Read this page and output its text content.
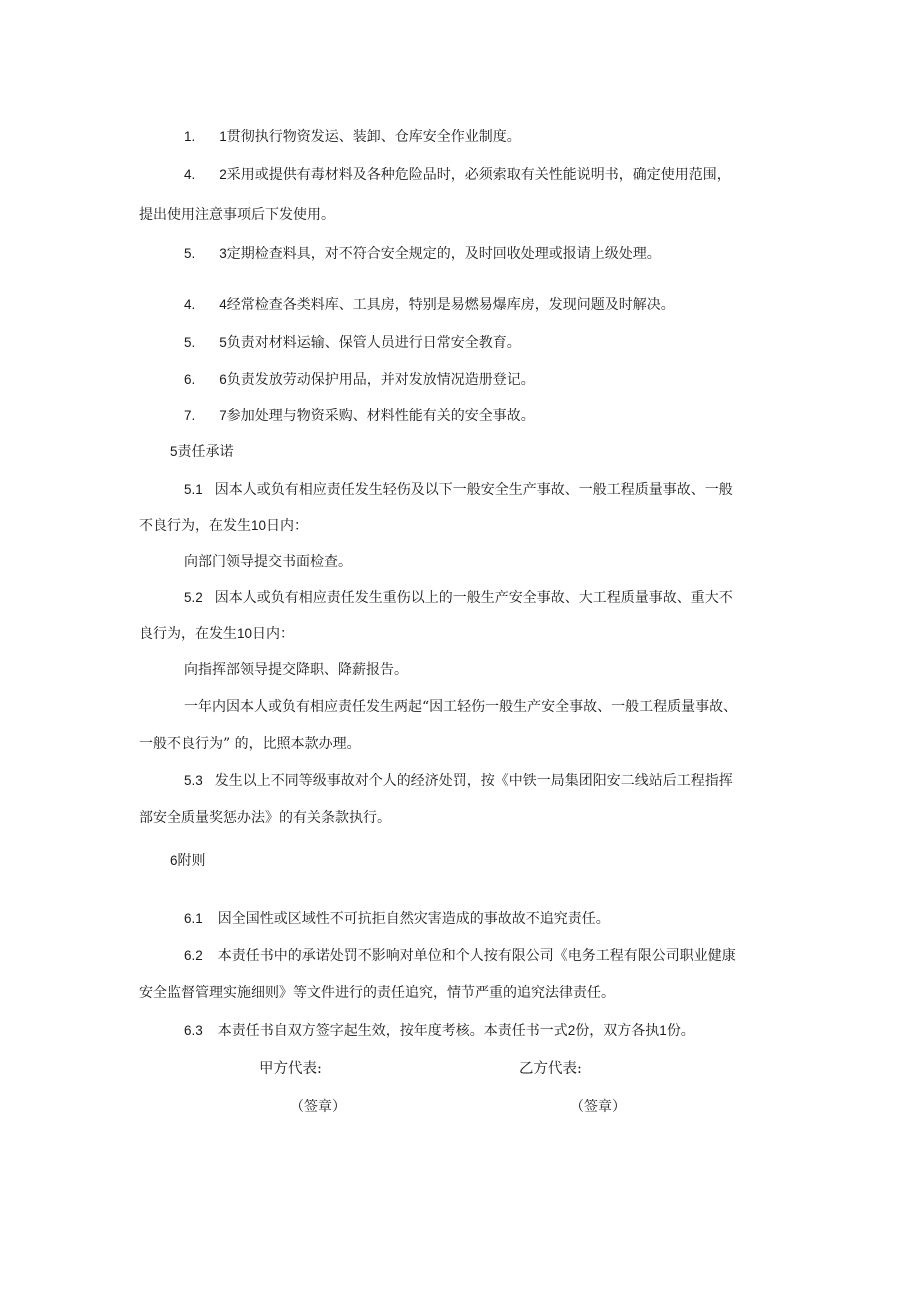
1. 1贯彻执行物资发运、装卸、仓库安全作业制度。
4. 2采用或提供有毒材料及各种危险品时，必须索取有关性能说明书，确定使用范围，
提出使用注意事项后下发使用。
5. 3定期检查料具，对不符合安全规定的，及时回收处理或报请上级处理。
4. 4经常检查各类料库、工具房，特别是易燃易爆库房，发现问题及时解决。
5. 5负责对材料运输、保管人员进行日常安全教育。
6. 6负责发放劳动保护用品，并对发放情况造册登记。
7. 7参加处理与物资采购、材料性能有关的安全事故。
5责任承诺
5.1 因本人或负有相应责任发生轻伤及以下一般安全生产事故、一般工程质量事故、一般
不良行为，在发生10日内：
向部门领导提交书面检查。
5.2 因本人或负有相应责任发生重伤以上的一般生产安全事故、大工程质量事故、重大不
良行为，在发生10日内：
向指挥部领导提交降职、降薪报告。
一年内因本人或负有相应责任发生两起“因工轻伤一般生产安全事故、一般工程质量事故、
一般不良行为” 的，比照本款办理。
5.3 发生以上不同等级事故对个人的经济处罚，按《中铁一局集团阳安二线站后工程指挥
部安全质量奖惩办法》的有关条款执行。
6附则
6.1 因全国性或区域性不可抗拒自然灾害造成的事故故不追究责任。
6.2 本责任书中的承诺处罚不影响对单位和个人按有限公司《电务工程有限公司职业健康
安全监督管理实施细则》等文件进行的责任追究，情节严重的追究法律责任。
6.3 本责任书自双方签字起生效，按年度考核。本责任书一式2份，双方各执1份。
甲方代表:	乙方代表:
（签章）	（签章）
